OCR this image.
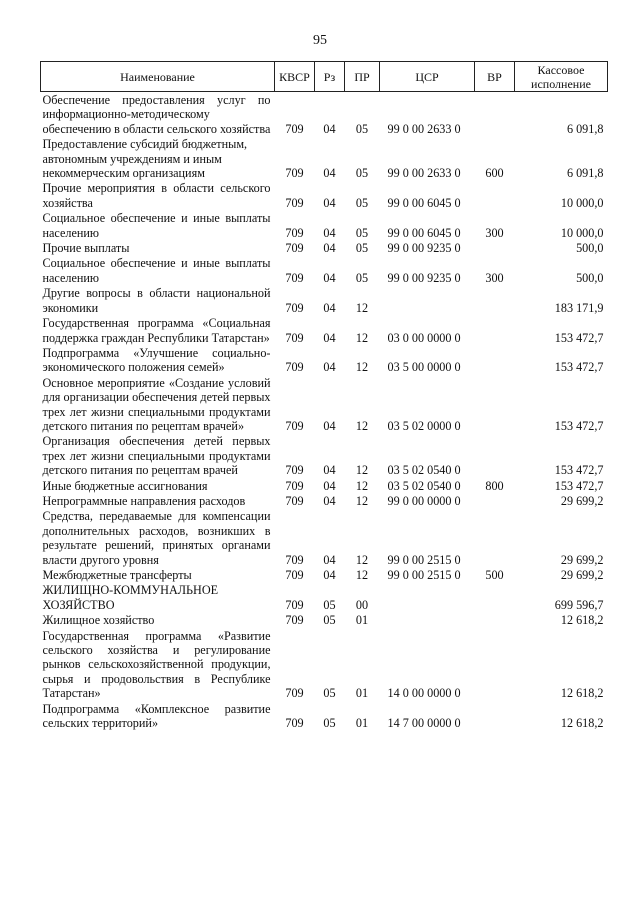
95
Наименование	КВСР	Рз	ПР	ЦСР	ВР	Кассовое исполнение
Обеспечение предоставления услуг по информационно-методическому обеспечению в области сельского хозяйства	709	04	05	99 0 00 2633 0		6 091,8
Предоставление субсидий бюджетным, автономным учреждениям и иным некоммерческим организациям	709	04	05	99 0 00 2633 0	600	6 091,8
Прочие мероприятия в области сельского хозяйства	709	04	05	99 0 00 6045 0		10 000,0
Социальное обеспечение и иные выплаты населению	709	04	05	99 0 00 6045 0	300	10 000,0
Прочие выплаты	709	04	05	99 0 00 9235 0		500,0
Социальное обеспечение и иные выплаты населению	709	04	05	99 0 00 9235 0	300	500,0
Другие вопросы в области национальной экономики	709	04	12			183 171,9
Государственная программа «Социальная поддержка граждан Республики Татарстан»	709	04	12	03 0 00 0000 0		153 472,7
Подпрограмма «Улучшение социально-экономического положения семей»	709	04	12	03 5 00 0000 0		153 472,7
Основное мероприятие «Создание условий для организации обеспечения детей первых трех лет жизни специальными продуктами детского питания по рецептам врачей»	709	04	12	03 5 02 0000 0		153 472,7
Организация обеспечения детей первых трех лет жизни специальными продуктами детского питания по рецептам врачей	709	04	12	03 5 02 0540 0		153 472,7
Иные бюджетные ассигнования	709	04	12	03 5 02 0540 0	800	153 472,7
Непрограммные направления расходов	709	04	12	99 0 00 0000 0		29 699,2
Средства, передаваемые для компенсации дополнительных расходов, возникших в результате решений, принятых органами власти другого уровня	709	04	12	99 0 00 2515 0		29 699,2
Межбюджетные трансферты	709	04	12	99 0 00 2515 0	500	29 699,2
ЖИЛИЩНО-КОММУНАЛЬНОЕ ХОЗЯЙСТВО	709	05	00			699 596,7
Жилищное хозяйство	709	05	01			12 618,2
Государственная программа «Развитие сельского хозяйства и регулирование рынков сельскохозяйственной продукции, сырья и продовольствия в Республике Татарстан»	709	05	01	14 0 00 0000 0		12 618,2
Подпрограмма «Комплексное развитие сельских территорий»	709	05	01	14 7 00 0000 0		12 618,2
